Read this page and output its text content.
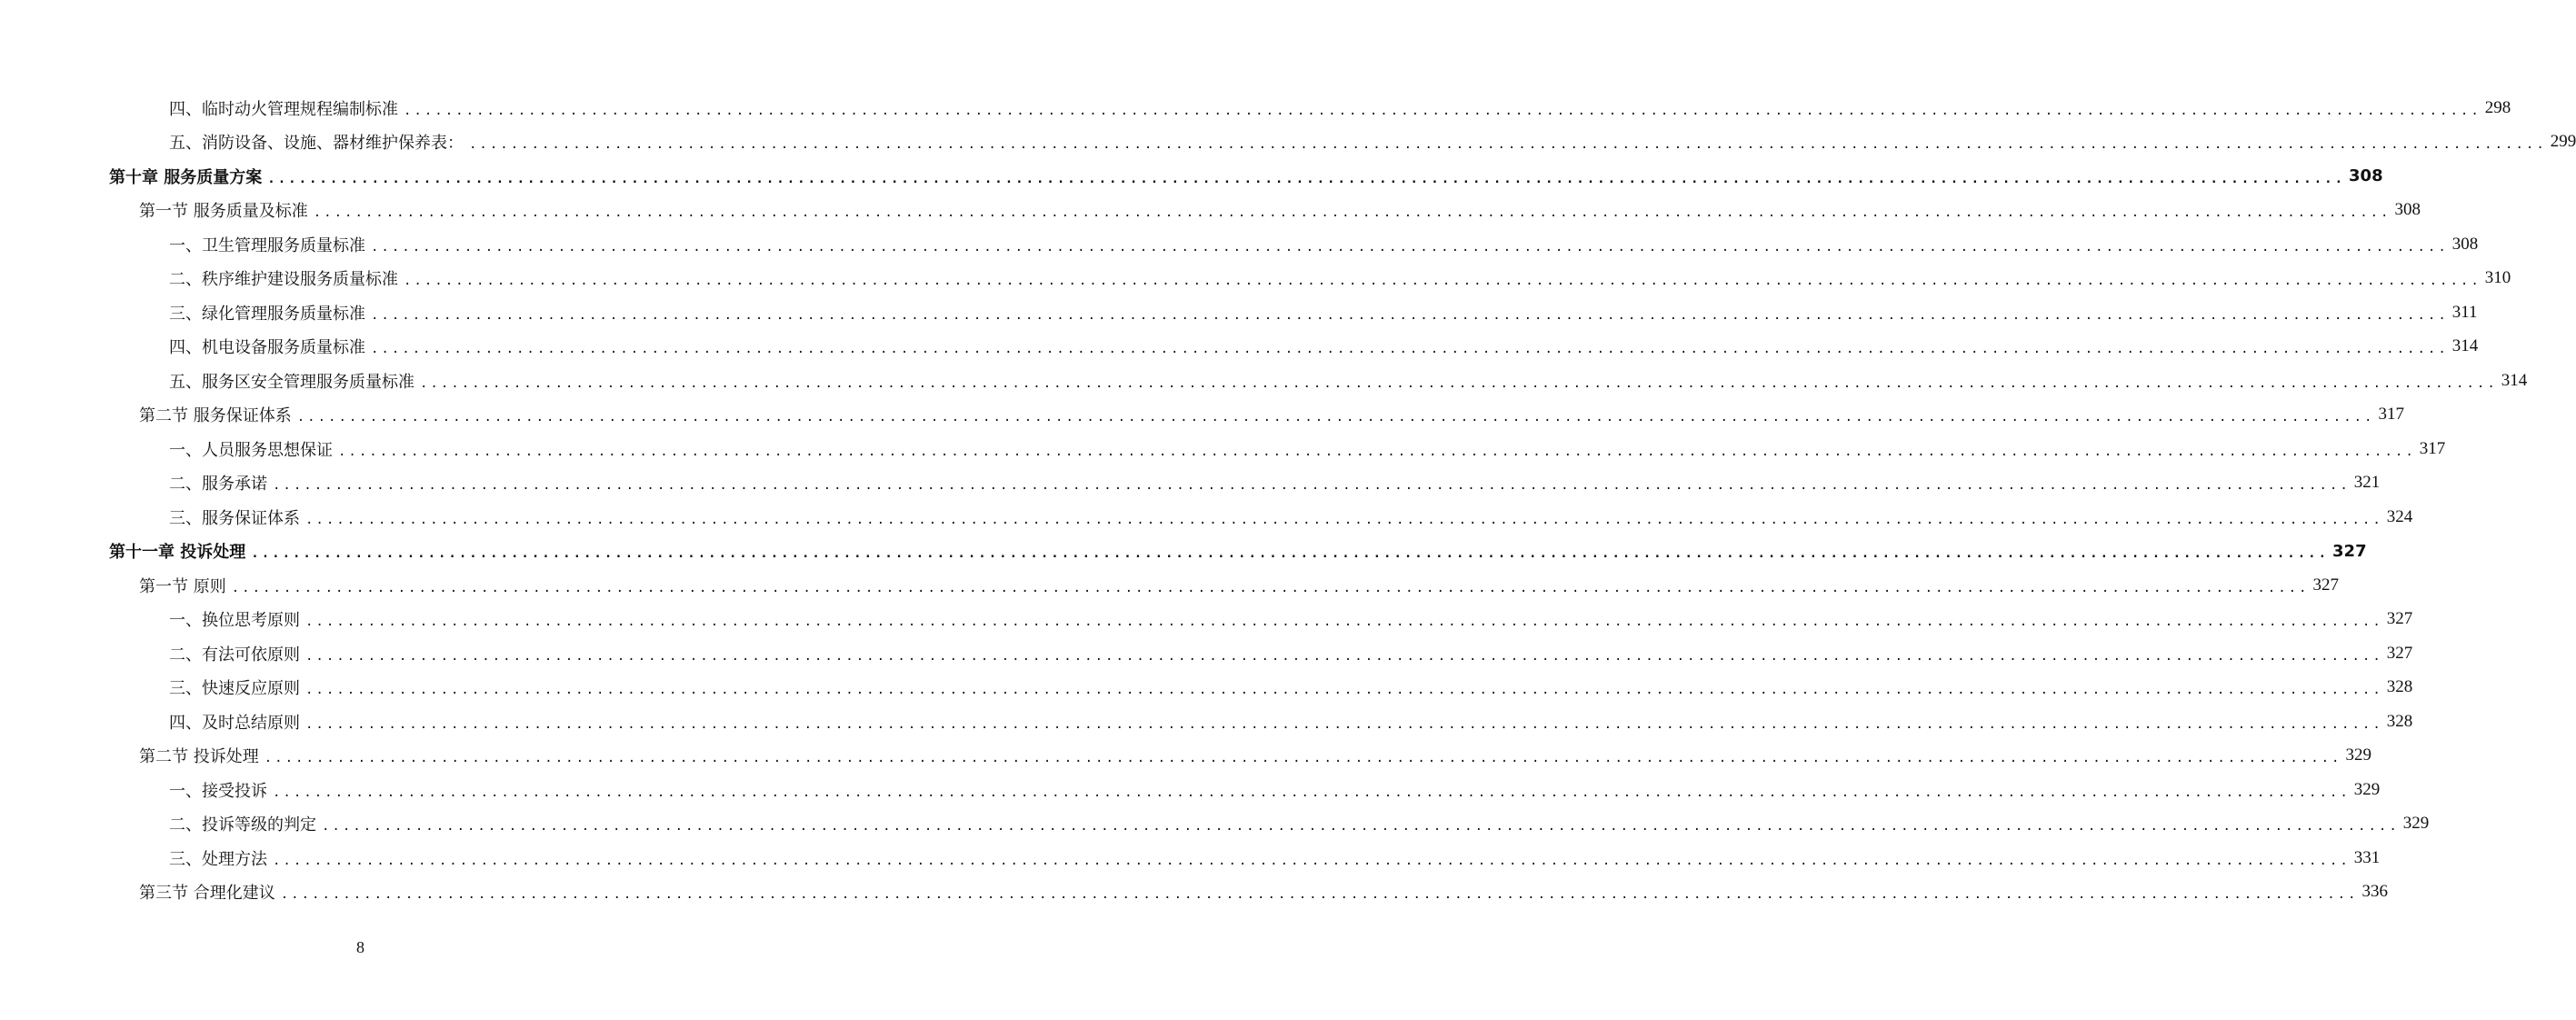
四、临时动火管理规程编制标准 ........................................................................................................................................................................................................ 298
五、消防设备、设施、器材维护保养表： ........................................................................................................................................................................................................ 299
第十章 服务质量方案 ........................................................................................................................................................................................................ 308
第一节 服务质量及标准 ........................................................................................................................................................................................................ 308
一、卫生管理服务质量标准 ........................................................................................................................................................................................................ 308
二、秩序维护建设服务质量标准 ........................................................................................................................................................................................................ 310
三、绿化管理服务质量标准 ........................................................................................................................................................................................................ 311
四、机电设备服务质量标准 ........................................................................................................................................................................................................ 314
五、服务区安全管理服务质量标准 ........................................................................................................................................................................................................ 314
第二节 服务保证体系 ........................................................................................................................................................................................................ 317
一、人员服务思想保证 ........................................................................................................................................................................................................ 317
二、服务承诺 ........................................................................................................................................................................................................ 321
三、服务保证体系 ........................................................................................................................................................................................................ 324
第十一章 投诉处理 ........................................................................................................................................................................................................ 327
第一节 原则 ........................................................................................................................................................................................................ 327
一、换位思考原则 ........................................................................................................................................................................................................ 327
二、有法可依原则 ........................................................................................................................................................................................................ 327
三、快速反应原则 ........................................................................................................................................................................................................ 328
四、及时总结原则 ........................................................................................................................................................................................................ 328
第二节 投诉处理 ........................................................................................................................................................................................................ 329
一、接受投诉 ........................................................................................................................................................................................................ 329
二、投诉等级的判定 ........................................................................................................................................................................................................ 329
三、处理方法 ........................................................................................................................................................................................................ 331
第三节 合理化建议 ........................................................................................................................................................................................................ 336
8
